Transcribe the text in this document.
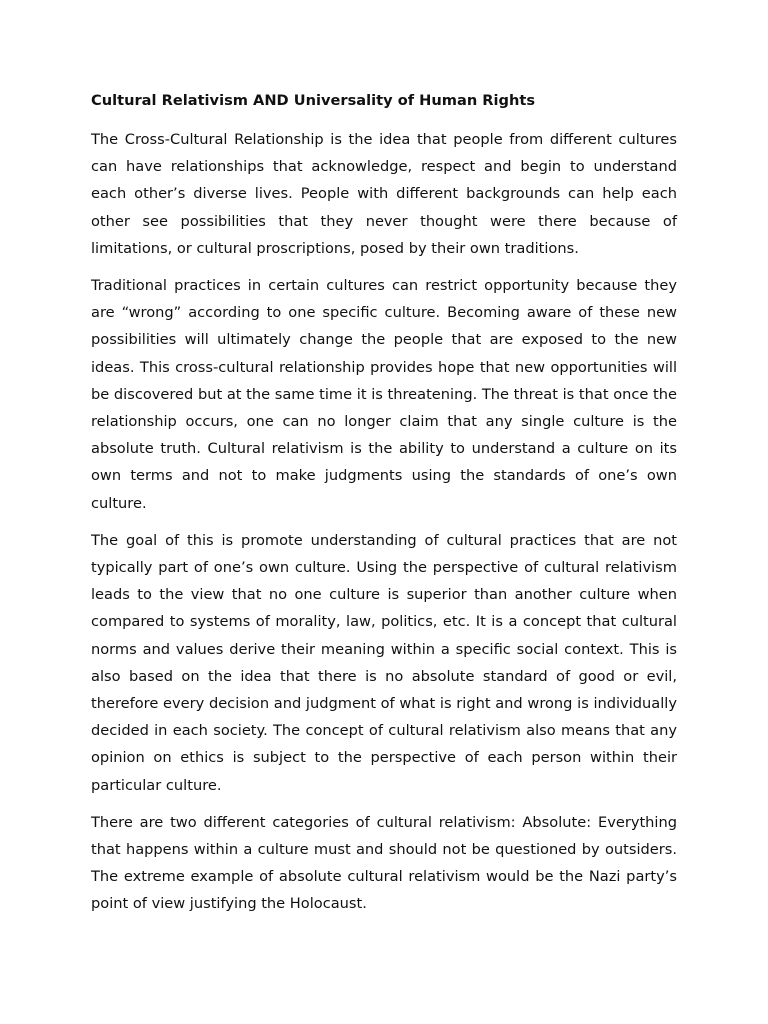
Cultural Relativism AND Universality of Human Rights

The Cross-Cultural Relationship is the idea that people from different cultures can have relationships that acknowledge, respect and begin to understand each other’s diverse lives. People with different backgrounds can help each other see possibilities that they never thought were there because of limitations, or cultural proscriptions, posed by their own traditions.

Traditional practices in certain cultures can restrict opportunity because they are “wrong” according to one specific culture. Becoming aware of these new possibilities will ultimately change the people that are exposed to the new ideas. This cross-cultural relationship provides hope that new opportunities will be discovered but at the same time it is threatening. The threat is that once the relationship occurs, one can no longer claim that any single culture is the absolute truth. Cultural relativism is the ability to understand a culture on its own terms and not to make judgments using the standards of one’s own culture.

The goal of this is promote understanding of cultural practices that are not typically part of one’s own culture. Using the perspective of cultural relativism leads to the view that no one culture is superior than another culture when compared to systems of morality, law, politics, etc. It is a concept that cultural norms and values derive their meaning within a specific social context. This is also based on the idea that there is no absolute standard of good or evil, therefore every decision and judgment of what is right and wrong is individually decided in each society. The concept of cultural relativism also means that any opinion on ethics is subject to the perspective of each person within their particular culture.

There are two different categories of cultural relativism: Absolute: Everything that happens within a culture must and should not be questioned by outsiders. The extreme example of absolute cultural relativism would be the Nazi party’s point of view justifying the Holocaust.
